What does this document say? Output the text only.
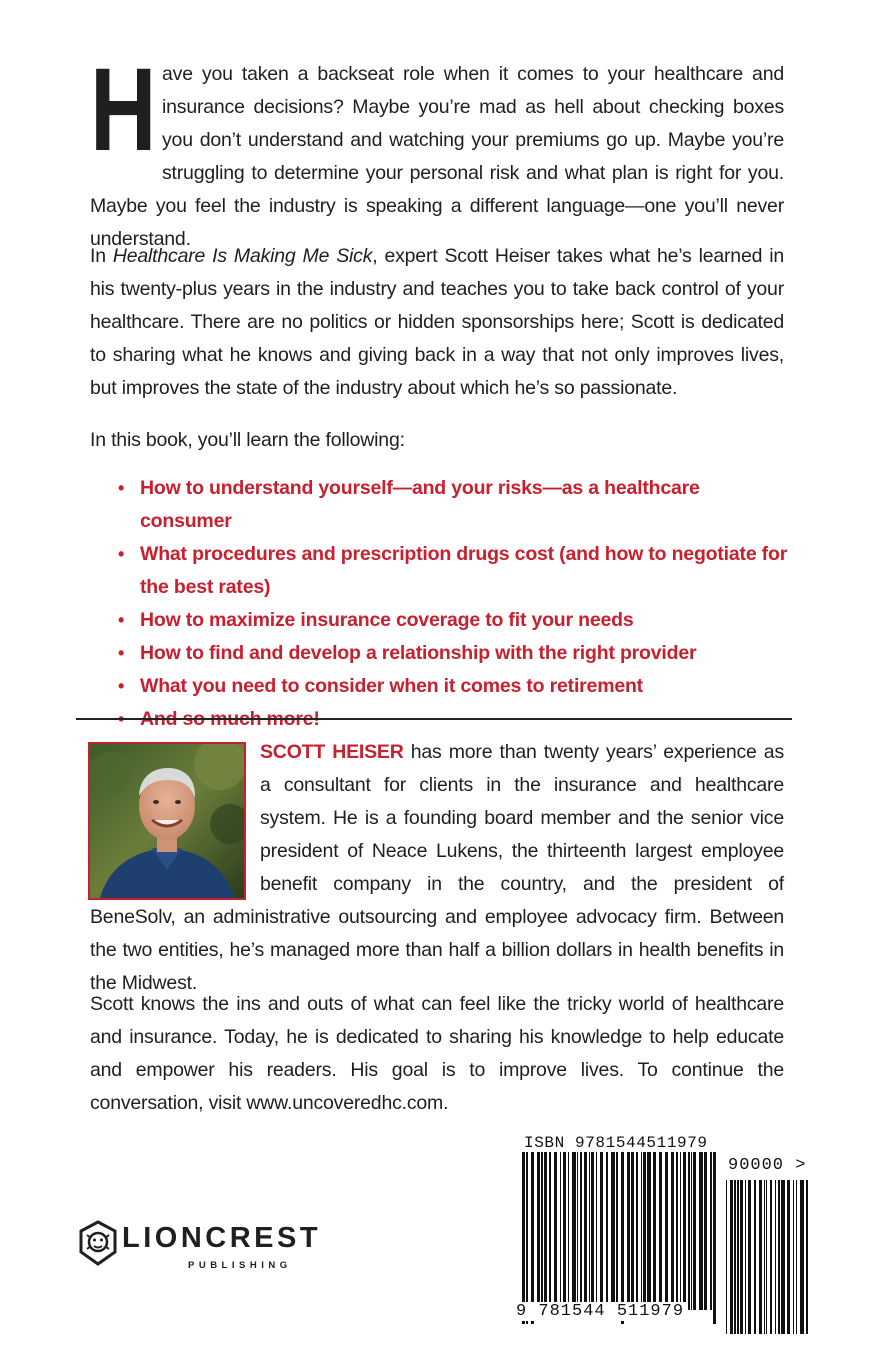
Have you taken a backseat role when it comes to your healthcare and insurance decisions? Maybe you’re mad as hell about checking boxes you don’t understand and watching your premiums go up. Maybe you’re struggling to determine your personal risk and what plan is right for you. Maybe you feel the industry is speaking a different language—one you’ll never understand.

In Healthcare Is Making Me Sick, expert Scott Heiser takes what he’s learned in his twenty-plus years in the industry and teaches you to take back control of your healthcare. There are no politics or hidden sponsorships here; Scott is dedicated to sharing what he knows and giving back in a way that not only improves lives, but improves the state of the industry about which he’s so passionate.

In this book, you’ll learn the following:

• How to understand yourself—and your risks—as a healthcare consumer
• What procedures and prescription drugs cost (and how to negotiate for the best rates)
• How to maximize insurance coverage to fit your needs
• How to find and develop a relationship with the right provider
• What you need to consider when it comes to retirement
• And so much more!

SCOTT HEISER has more than twenty years’ experience as a consultant for clients in the insurance and healthcare system. He is a founding board member and the senior vice president of Neace Lukens, the thirteenth largest employee benefit company in the country, and the president of BeneSolv, an administrative outsourcing and employee advocacy firm. Between the two entities, he’s managed more than half a billion dollars in health benefits in the Midwest.

Scott knows the ins and outs of what can feel like the tricky world of healthcare and insurance. Today, he is dedicated to sharing his knowledge to help educate and empower his readers. His goal is to improve lives. To continue the conversation, visit www.uncoveredhc.com.

LIONCREST
PUBLISHING
ISBN 9781544511979
90000 >
9 781544 511979
